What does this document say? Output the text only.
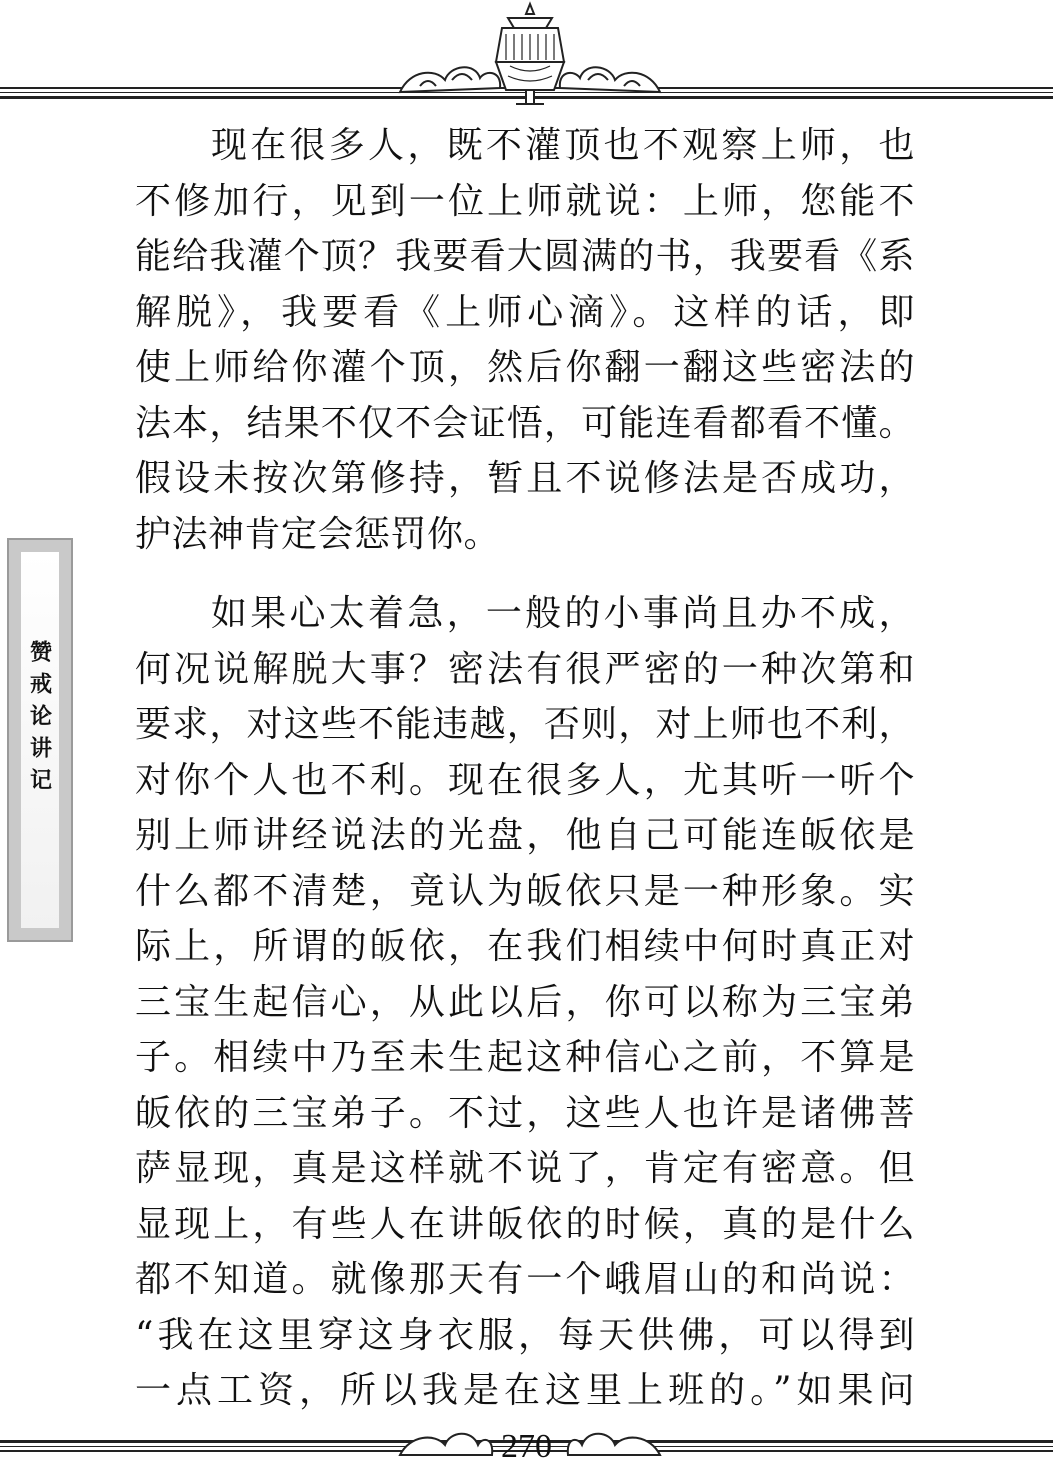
赞戒论讲记

现在很多人，既不灌顶也不观察上师，也

不修加行，见到一位上师就说：上师，您能不

能给我灌个顶？我要看大圆满的书，我要看《系

解脱》，我要看《上师心滴》。这样的话，即

使上师给你灌个顶，然后你翻一翻这些密法的

法本，结果不仅不会证悟，可能连看都看不懂。

假设未按次第修持，暂且不说修法是否成功，

护法神肯定会惩罚你。

如果心太着急，一般的小事尚且办不成，

何况说解脱大事？密法有很严密的一种次第和

要求，对这些不能违越，否则，对上师也不利，

对你个人也不利。现在很多人，尤其听一听个

别上师讲经说法的光盘，他自己可能连皈依是

什么都不清楚，竟认为皈依只是一种形象。实

际上，所谓的皈依，在我们相续中何时真正对

三宝生起信心，从此以后，你可以称为三宝弟

子。相续中乃至未生起这种信心之前，不算是

皈依的三宝弟子。不过，这些人也许是诸佛菩

萨显现，真是这样就不说了，肯定有密意。但

显现上，有些人在讲皈依的时候，真的是什么

都不知道。就像那天有一个峨眉山的和尚说：

“我在这里穿这身衣服，每天供佛，可以得到

一点工资，所以我是在这里上班的。”如果问

270
